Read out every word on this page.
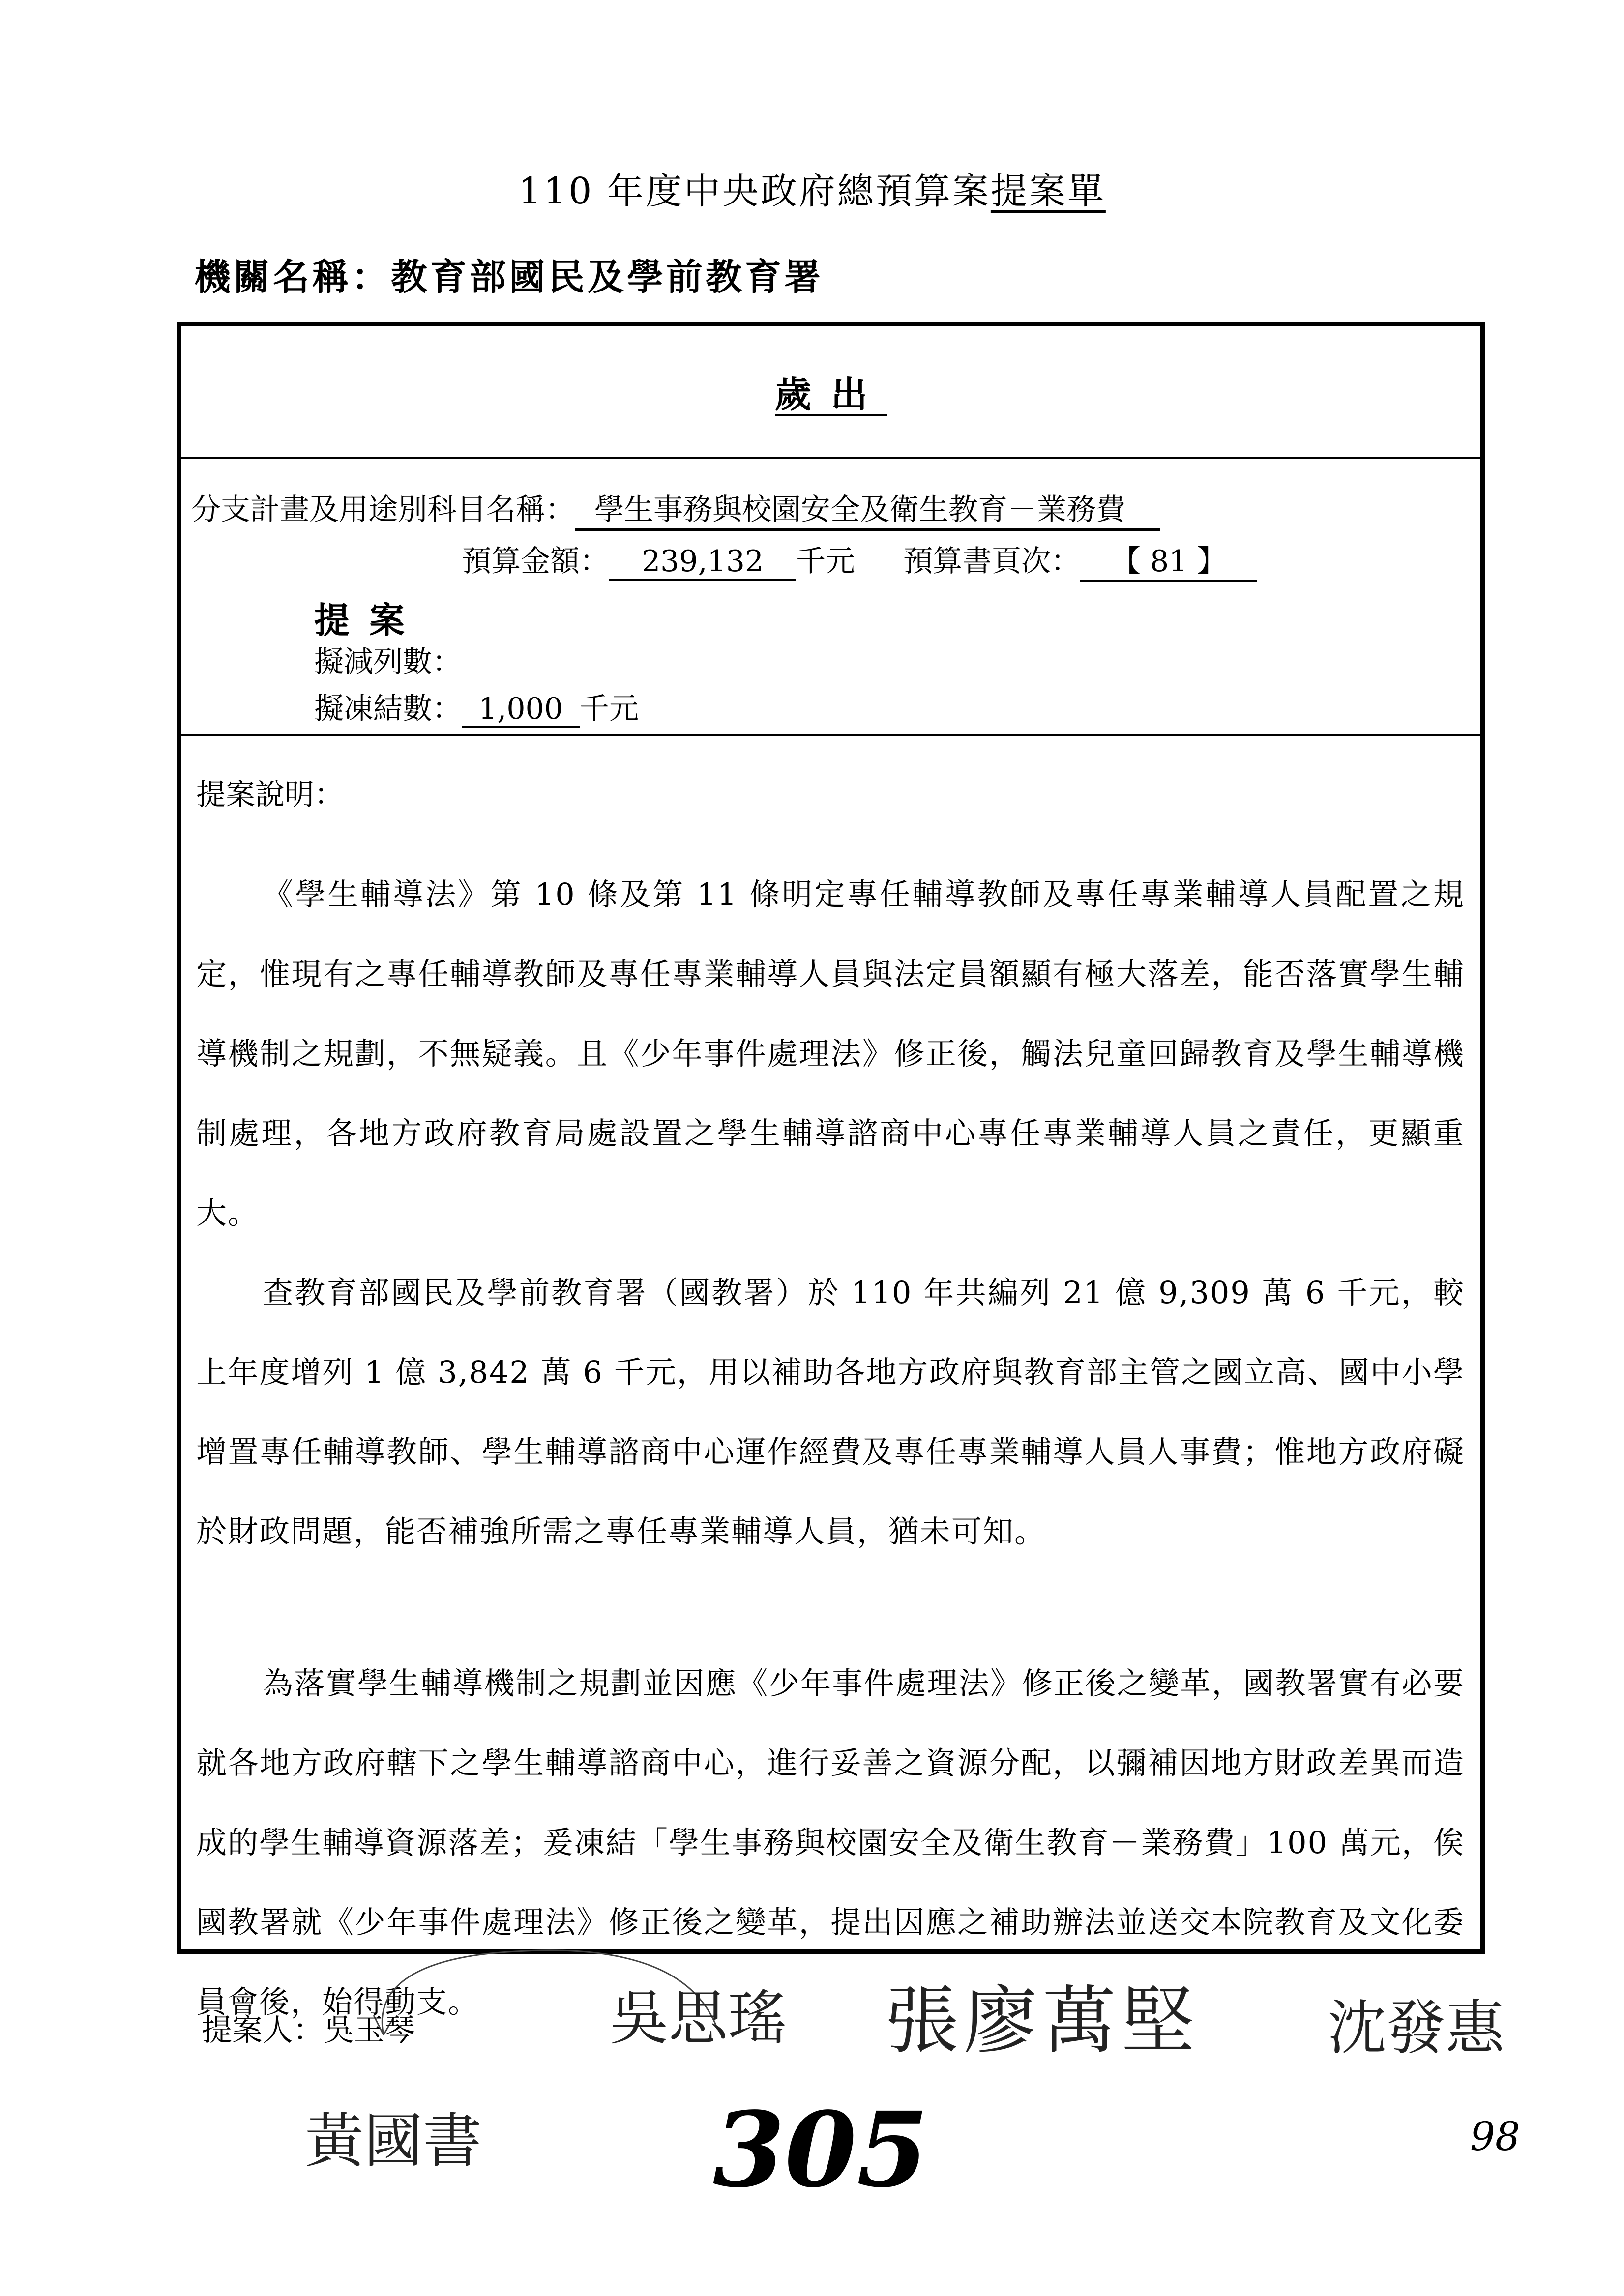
110 年度中央政府總預算案提案單
機關名稱：教育部國民及學前教育署
歲出
分支計畫及用途別科目名稱： 學生事務與校園安全及衛生教育－業務費
預算金額： 239,132 千元 預算書頁次： 【 81 】
提案
擬減列數：
擬凍結數： 1,000 千元
提案說明：
《學生輔導法》第 10 條及第 11 條明定專任輔導教師及專任專業輔導人員配置之規定，惟現有之專任輔導教師及專任專業輔導人員與法定員額顯有極大落差，能否落實學生輔導機制之規劃，不無疑義。且《少年事件處理法》修正後，觸法兒童回歸教育及學生輔導機制處理，各地方政府教育局處設置之學生輔導諮商中心專任專業輔導人員之責任，更顯重大。
查教育部國民及學前教育署（國教署）於 110 年共編列 21 億 9,309 萬 6 千元，較上年度增列 1 億 3,842 萬 6 千元，用以補助各地方政府與教育部主管之國立高、國中小學增置專任輔導教師、學生輔導諮商中心運作經費及專任專業輔導人員人事費；惟地方政府礙於財政問題，能否補強所需之專任專業輔導人員，猶未可知。
為落實學生輔導機制之規劃並因應《少年事件處理法》修正後之變革，國教署實有必要就各地方政府轄下之學生輔導諮商中心，進行妥善之資源分配，以彌補因地方財政差異而造成的學生輔導資源落差；爰凍結「學生事務與校園安全及衛生教育－業務費」100 萬元，俟國教署就《少年事件處理法》修正後之變革，提出因應之補助辦法並送交本院教育及文化委員會後，始得動支。
提案人：吳玉琴	吳思瑤 張廖萬堅 沈發惠
黃國書 305	98
